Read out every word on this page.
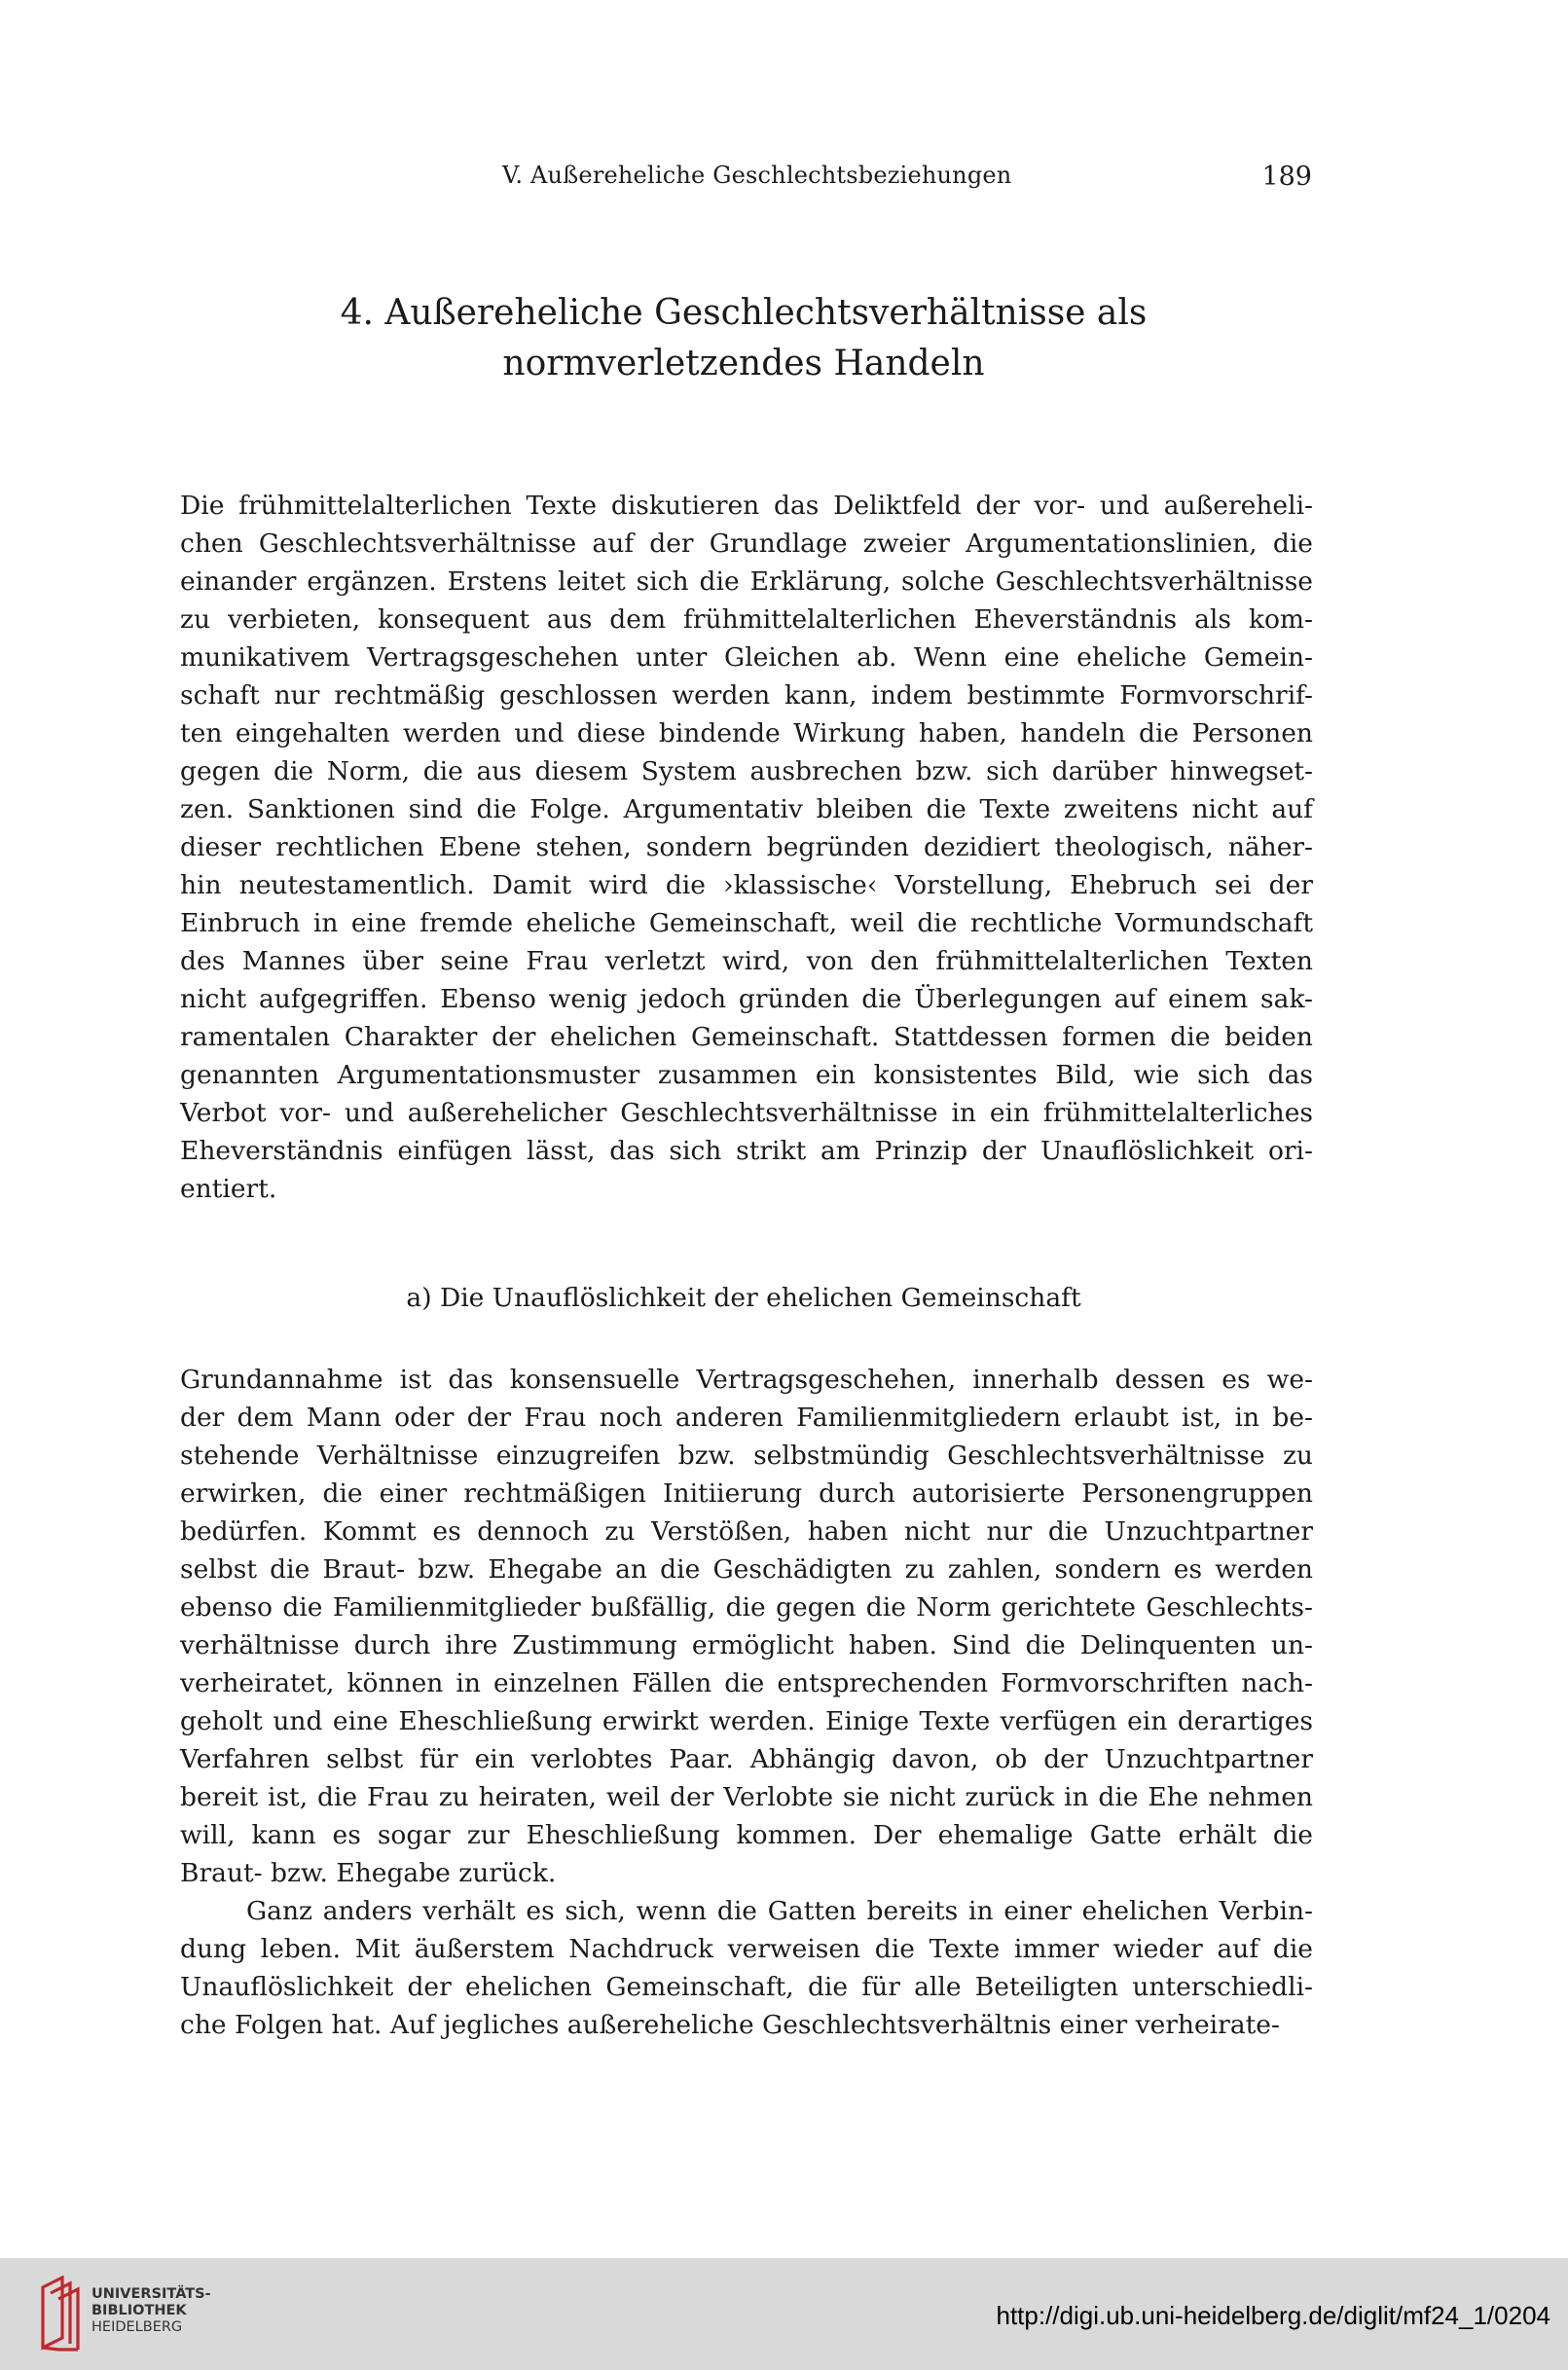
V. Außereheliche Geschlechtsbeziehungen	189
4. Außereheliche Geschlechtsverhältnisse als
normverletzendes Handeln
Die frühmittelalterlichen Texte diskutieren das Deliktfeld der vor- und außereheli-
chen Geschlechtsverhältnisse auf der Grundlage zweier Argumentationslinien, die
einander ergänzen. Erstens leitet sich die Erklärung, solche Geschlechtsverhältnisse
zu verbieten, konsequent aus dem frühmittelalterlichen Eheverständnis als kom-
munikativem Vertragsgeschehen unter Gleichen ab. Wenn eine eheliche Gemein-
schaft nur rechtmäßig geschlossen werden kann, indem bestimmte Formvorschrif-
ten eingehalten werden und diese bindende Wirkung haben, handeln die Personen
gegen die Norm, die aus diesem System ausbrechen bzw. sich darüber hinwegset-
zen. Sanktionen sind die Folge. Argumentativ bleiben die Texte zweitens nicht auf
dieser rechtlichen Ebene stehen, sondern begründen dezidiert theologisch, näher-
hin neutestamentlich. Damit wird die ›klassische‹ Vorstellung, Ehebruch sei der
Einbruch in eine fremde eheliche Gemeinschaft, weil die rechtliche Vormundschaft
des Mannes über seine Frau verletzt wird, von den frühmittelalterlichen Texten
nicht aufgegriffen. Ebenso wenig jedoch gründen die Überlegungen auf einem sak-
ramentalen Charakter der ehelichen Gemeinschaft. Stattdessen formen die beiden
genannten Argumentationsmuster zusammen ein konsistentes Bild, wie sich das
Verbot vor- und außerehelicher Geschlechtsverhältnisse in ein frühmittelalterliches
Eheverständnis einfügen lässt, das sich strikt am Prinzip der Unauflöslichkeit ori-
entiert.
a) Die Unauflöslichkeit der ehelichen Gemeinschaft
Grundannahme ist das konsensuelle Vertragsgeschehen, innerhalb dessen es we-
der dem Mann oder der Frau noch anderen Familienmitgliedern erlaubt ist, in be-
stehende Verhältnisse einzugreifen bzw. selbstmündig Geschlechtsverhältnisse zu
erwirken, die einer rechtmäßigen Initiierung durch autorisierte Personengruppen
bedürfen. Kommt es dennoch zu Verstößen, haben nicht nur die Unzuchtpartner
selbst die Braut- bzw. Ehegabe an die Geschädigten zu zahlen, sondern es werden
ebenso die Familienmitglieder bußfällig, die gegen die Norm gerichtete Geschlechts-
verhältnisse durch ihre Zustimmung ermöglicht haben. Sind die Delinquenten un-
verheiratet, können in einzelnen Fällen die entsprechenden Formvorschriften nach-
geholt und eine Eheschließung erwirkt werden. Einige Texte verfügen ein derartiges
Verfahren selbst für ein verlobtes Paar. Abhängig davon, ob der Unzuchtpartner
bereit ist, die Frau zu heiraten, weil der Verlobte sie nicht zurück in die Ehe nehmen
will, kann es sogar zur Eheschließung kommen. Der ehemalige Gatte erhält die
Braut- bzw. Ehegabe zurück.
Ganz anders verhält es sich, wenn die Gatten bereits in einer ehelichen Verbin-
dung leben. Mit äußerstem Nachdruck verweisen die Texte immer wieder auf die
Unauflöslichkeit der ehelichen Gemeinschaft, die für alle Beteiligten unterschiedli-
che Folgen hat. Auf jegliches außereheliche Geschlechtsverhältnis einer verheirate-
UNIVERSITÄTS-
BIBLIOTHEK
HEIDELBERG	http://digi.ub.uni-heidelberg.de/diglit/mf24_1/0204
